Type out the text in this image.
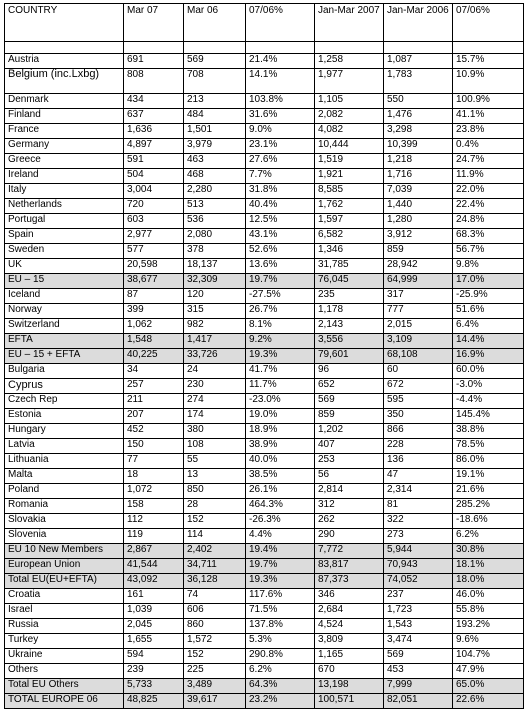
COUNTRY	Mar 07	Mar 06	07/06%	Jan-Mar 2007	Jan-Mar 2006	07/06%

Austria	691	569	21.4%	1,258	1,087	15.7%
Belgium (inc.Lxbg)	808	708	14.1%	1,977	1,783	10.9%
Denmark	434	213	103.8%	1,105	550	100.9%
Finland	637	484	31.6%	2,082	1,476	41.1%
France	1,636	1,501	9.0%	4,082	3,298	23.8%
Germany	4,897	3,979	23.1%	10,444	10,399	0.4%
Greece	591	463	27.6%	1,519	1,218	24.7%
Ireland	504	468	7.7%	1,921	1,716	11.9%
Italy	3,004	2,280	31.8%	8,585	7,039	22.0%
Netherlands	720	513	40.4%	1,762	1,440	22.4%
Portugal	603	536	12.5%	1,597	1,280	24.8%
Spain	2,977	2,080	43.1%	6,582	3,912	68.3%
Sweden	577	378	52.6%	1,346	859	56.7%
UK	20,598	18,137	13.6%	31,785	28,942	9.8%
EU – 15	38,677	32,309	19.7%	76,045	64,999	17.0%
Iceland	87	120	-27.5%	235	317	-25.9%
Norway	399	315	26.7%	1,178	777	51.6%
Switzerland	1,062	982	8.1%	2,143	2,015	6.4%
EFTA	1,548	1,417	9.2%	3,556	3,109	14.4%
EU – 15 + EFTA	40,225	33,726	19.3%	79,601	68,108	16.9%
Bulgaria	34	24	41.7%	96	60	60.0%
Cyprus	257	230	11.7%	652	672	-3.0%
Czech Rep	211	274	-23.0%	569	595	-4.4%
Estonia	207	174	19.0%	859	350	145.4%
Hungary	452	380	18.9%	1,202	866	38.8%
Latvia	150	108	38.9%	407	228	78.5%
Lithuania	77	55	40.0%	253	136	86.0%
Malta	18	13	38.5%	56	47	19.1%
Poland	1,072	850	26.1%	2,814	2,314	21.6%
Romania	158	28	464.3%	312	81	285.2%
Slovakia	112	152	-26.3%	262	322	-18.6%
Slovenia	119	114	4.4%	290	273	6.2%
EU 10 New Members	2,867	2,402	19.4%	7,772	5,944	30.8%
European Union	41,544	34,711	19.7%	83,817	70,943	18.1%
Total EU(EU+EFTA)	43,092	36,128	19.3%	87,373	74,052	18.0%
Croatia	161	74	117.6%	346	237	46.0%
Israel	1,039	606	71.5%	2,684	1,723	55.8%
Russia	2,045	860	137.8%	4,524	1,543	193.2%
Turkey	1,655	1,572	5.3%	3,809	3,474	9.6%
Ukraine	594	152	290.8%	1,165	569	104.7%
Others	239	225	6.2%	670	453	47.9%
Total EU Others	5,733	3,489	64.3%	13,198	7,999	65.0%
TOTAL EUROPE 06	48,825	39,617	23.2%	100,571	82,051	22.6%
